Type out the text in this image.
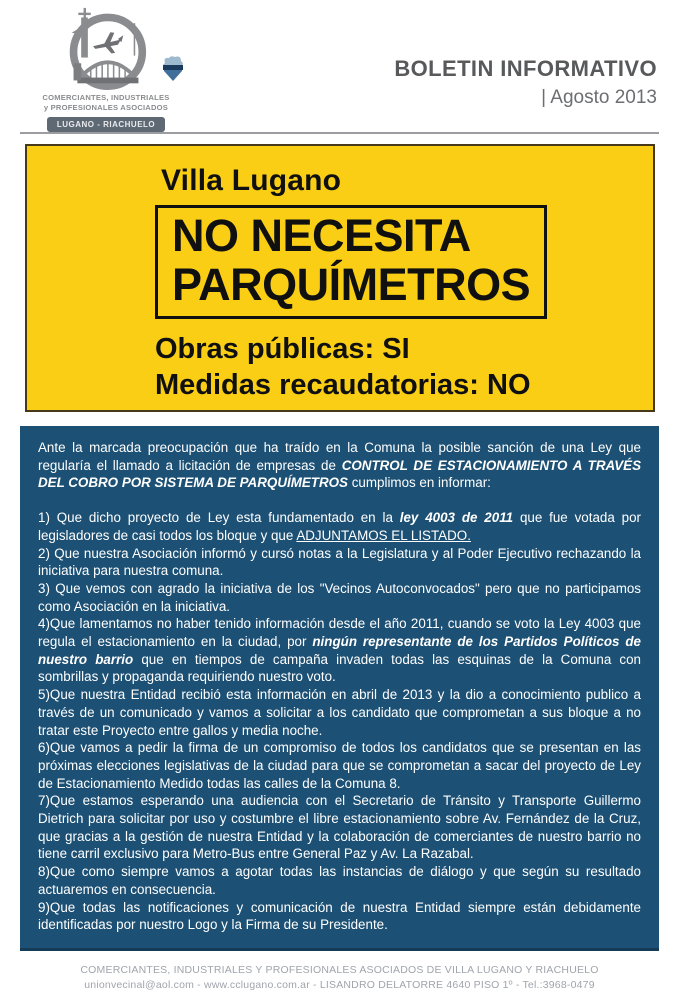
COMERCIANTES, INDUSTRIALES
y PROFESIONALES ASOCIADOS
LUGANO - RIACHUELO
BOLETIN INFORMATIVO
| Agosto 2013
Villa Lugano
NO NECESITA
PARQUÍMETROS
Obras públicas: SI
Medidas recaudatorias: NO

Ante la marcada preocupación que ha traído en la Comuna la posible sanción de una Ley que regularía el llamado a licitación de empresas de CONTROL DE ESTACIONAMIENTO A TRAVÉS DEL COBRO POR SISTEMA DE PARQUÍMETROS cumplimos en informar:

1) Que dicho proyecto de Ley esta fundamentado en la ley 4003 de 2011 que fue votada por legisladores de casi todos los bloque y que ADJUNTAMOS EL LISTADO.

2) Que nuestra Asociación informó y cursó notas a la Legislatura y al Poder Ejecutivo rechazando la iniciativa para nuestra comuna.

3) Que vemos con agrado la iniciativa de los "Vecinos Autoconvocados" pero que no participamos como Asociación en la iniciativa.

4)Que lamentamos no haber tenido información desde el año 2011, cuando se voto la Ley 4003 que regula el estacionamiento en la ciudad, por ningún representante de los Partidos Políticos de nuestro barrio que en tiempos de campaña invaden todas las esquinas de la Comuna con sombrillas y propaganda requiriendo nuestro voto.

5)Que nuestra Entidad recibió esta información en abril de 2013 y la dio a conocimiento publico a través de un comunicado y vamos a solicitar a los candidato que comprometan a sus bloque a no tratar este Proyecto entre gallos y media noche.

6)Que vamos a pedir la firma de un compromiso de todos los candidatos que se presentan en las próximas elecciones legislativas de la ciudad para que se comprometan a sacar del proyecto de Ley de Estacionamiento Medido todas las calles de la Comuna 8.

7)Que estamos esperando una audiencia con el Secretario de Tránsito y Transporte Guillermo Dietrich para solicitar por uso y costumbre el libre estacionamiento sobre Av. Fernández de la Cruz, que gracias a la gestión de nuestra Entidad y la colaboración de comerciantes de nuestro barrio no tiene carril exclusivo para Metro-Bus entre General Paz y Av. La Razabal.

8)Que como siempre vamos a agotar todas las instancias de diálogo y que según su resultado actuaremos en consecuencia.

9)Que todas las notificaciones y comunicación de nuestra Entidad siempre están debidamente identificadas por nuestro Logo y la Firma de su Presidente.

COMERCIANTES, INDUSTRIALES Y PROFESIONALES ASOCIADOS DE VILLA LUGANO Y RIACHUELO
unionvecinal@aol.com - www.cclugano.com.ar - LISANDRO DELATORRE 4640 PISO 1º - Tel.:3968-0479
